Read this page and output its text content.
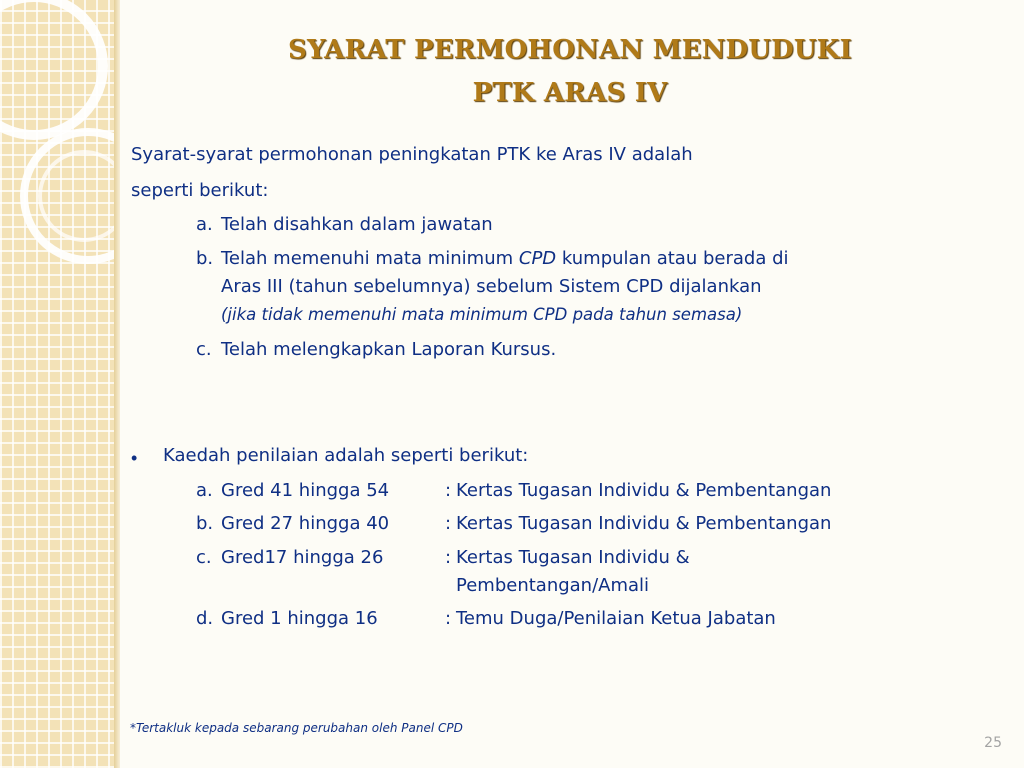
SYARAT PERMOHONAN MENDUDUKI
PTK ARAS IV

Syarat-syarat permohonan peningkatan PTK ke Aras IV adalah

seperti berikut:

a. Telah disahkan dalam jawatan

b. Telah memenuhi mata minimum CPD kumpulan atau berada di

Aras III (tahun sebelumnya) sebelum Sistem CPD dijalankan

(jika tidak memenuhi mata minimum CPD pada tahun semasa)

c. Telah melengkapkan Laporan Kursus.

• Kaedah penilaian adalah seperti berikut:

a. Gred 41 hingga 54	: Kertas Tugasan Individu & Pembentangan

b. Gred 27 hingga 40	: Kertas Tugasan Individu & Pembentangan

c. Gred17 hingga 26	: Kertas Tugasan Individu &

Pembentangan/Amali

d. Gred 1 hingga 16	: Temu Duga/Penilaian Ketua Jabatan

*Tertakluk kepada sebarang perubahan oleh Panel CPD

25
